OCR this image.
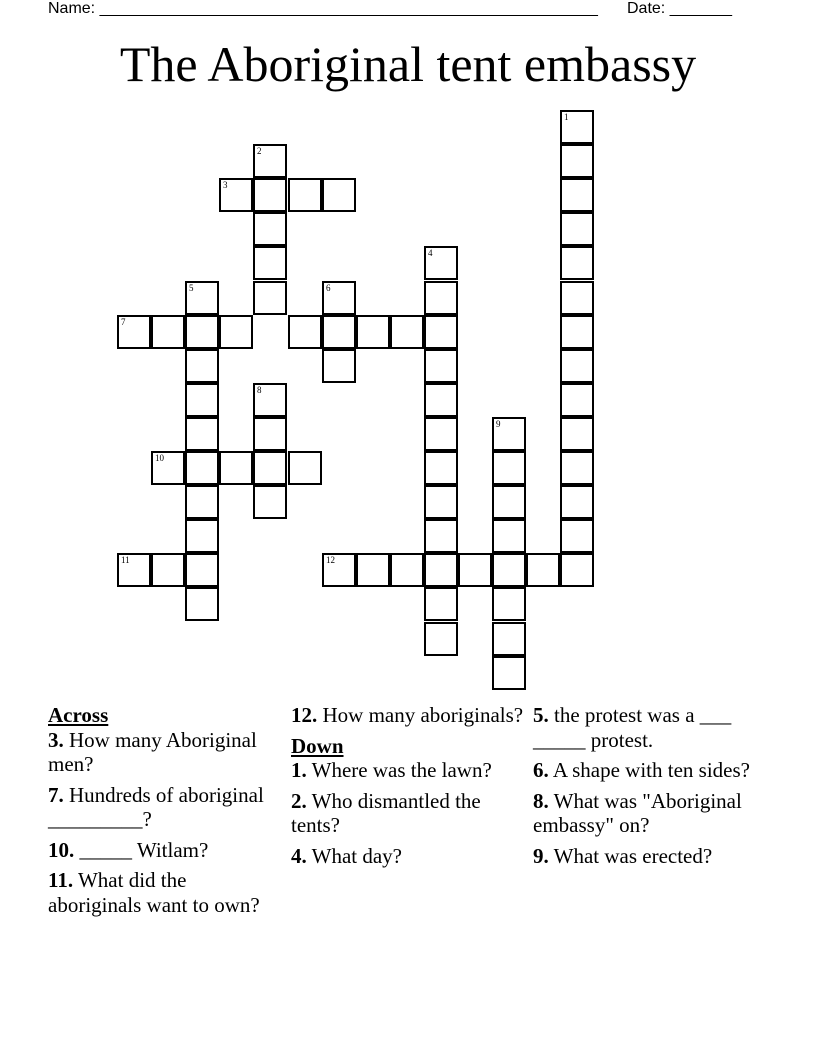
Name: ________________________________________________________ Date: _______
The Aboriginal tent embassy
1
2
3
4
5	6
7
8
9
10
11	12
Across
3. How many Aboriginal men?
7. Hundreds of aboriginal _________?
10. _____ Witlam?
11. What did the aboriginals want to own?
12. How many aboriginals?
Down
1. Where was the lawn?
2. Who dismantled the tents?
4. What day?
5. the protest was a ___ _____ protest.
6. A shape with ten sides?
8. What was "Aboriginal embassy" on?
9. What was erected?
